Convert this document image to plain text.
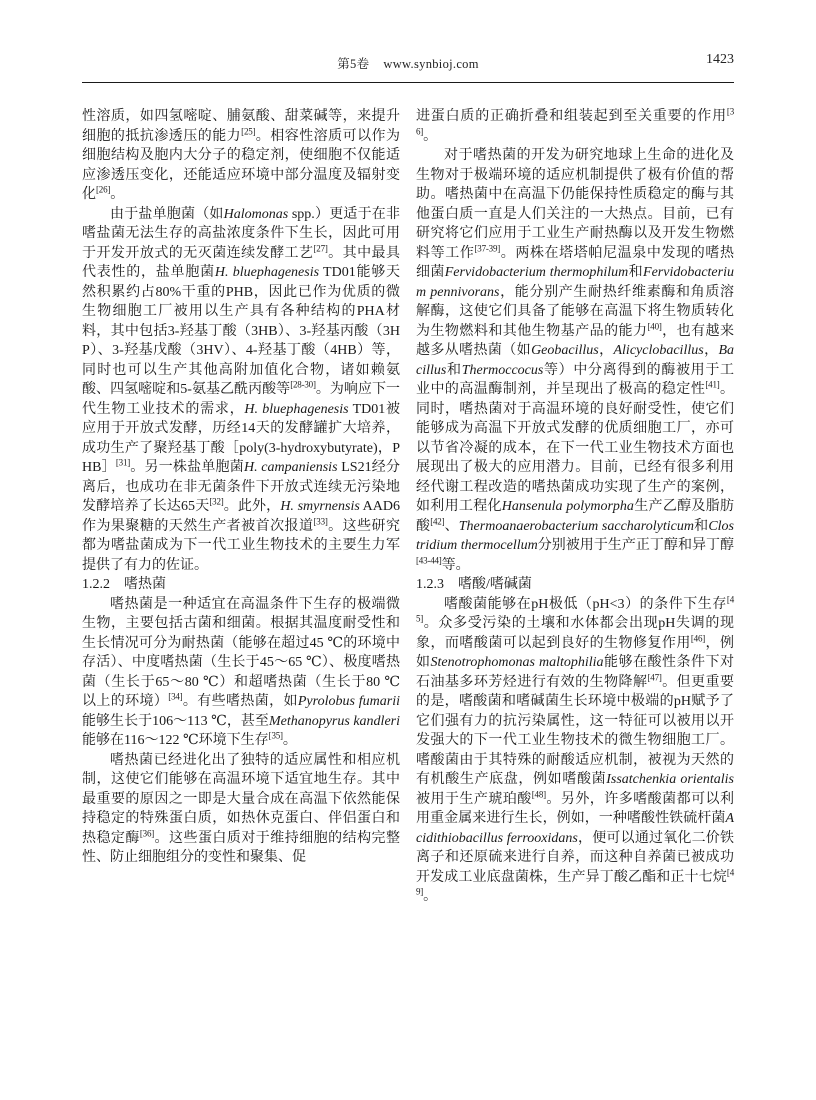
第5卷 www.synbioj.com	1423

性溶质，如四氢嘧啶、脯氨酸、甜菜碱等，来提升细胞的抵抗渗透压的能力[25]。相容性溶质可以作为细胞结构及胞内大分子的稳定剂，使细胞不仅能适应渗透压变化，还能适应环境中部分温度及辐射变化[26]。

由于盐单胞菌（如Halomonas spp.）更适于在非嗜盐菌无法生存的高盐浓度条件下生长，因此可用于开发开放式的无灭菌连续发酵工艺[27]。其中最具代表性的，盐单胞菌H. bluephagenesis TD01能够天然积累约占80%干重的PHB，因此已作为优质的微生物细胞工厂被用以生产具有各种结构的PHA材料，其中包括3-羟基丁酸（3HB）、3-羟基丙酸（3HP）、3-羟基戊酸（3HV）、4-羟基丁酸（4HB）等，同时也可以生产其他高附加值化合物，诸如赖氨酸、四氢嘧啶和5-氨基乙酰丙酸等[28-30]。为响应下一代生物工业技术的需求，H. bluephagenesis TD01被应用于开放式发酵，历经14天的发酵罐扩大培养，成功生产了聚羟基丁酸［poly(3-hydroxybutyrate)，PHB］[31]。另一株盐单胞菌H. campaniensis LS21经分离后，也成功在非无菌条件下开放式连续无污染地发酵培养了长达65天[32]。此外，H. smyrnensis AAD6作为果聚糖的天然生产者被首次报道[33]。这些研究都为嗜盐菌成为下一代工业生物技术的主要生力军提供了有力的佐证。

1.2.2　嗜热菌

嗜热菌是一种适宜在高温条件下生存的极端微生物，主要包括古菌和细菌。根据其温度耐受性和生长情况可分为耐热菌（能够在超过45 ℃的环境中存活）、中度嗜热菌（生长于45～65 ℃）、极度嗜热菌（生长于65～80 ℃）和超嗜热菌（生长于80 ℃以上的环境）[34]。有些嗜热菌，如Pyrolobus fumarii能够生长于106～113 ℃，甚至Methanopyrus kandleri能够在116～122 ℃环境下生存[35]。

嗜热菌已经进化出了独特的适应属性和相应机制，这使它们能够在高温环境下适宜地生存。其中最重要的原因之一即是大量合成在高温下依然能保持稳定的特殊蛋白质，如热休克蛋白、伴侣蛋白和热稳定酶[36]。这些蛋白质对于维持细胞的结构完整性、防止细胞组分的变性和聚集、促

进蛋白质的正确折叠和组装起到至关重要的作用[36]。

对于嗜热菌的开发为研究地球上生命的进化及生物对于极端环境的适应机制提供了极有价值的帮助。嗜热菌中在高温下仍能保持性质稳定的酶与其他蛋白质一直是人们关注的一大热点。目前，已有研究将它们应用于工业生产耐热酶以及开发生物燃料等工作[37-39]。两株在塔塔帕尼温泉中发现的嗜热细菌Fervidobacterium thermophilum和Fervidobacterium pennivorans，能分别产生耐热纤维素酶和角质溶解酶，这使它们具备了能够在高温下将生物质转化为生物燃料和其他生物基产品的能力[40]，也有越来越多从嗜热菌（如Geobacillus，Alicyclobacillus，Bacillus和Thermoccocus等）中分离得到的酶被用于工业中的高温酶制剂，并呈现出了极高的稳定性[41]。同时，嗜热菌对于高温环境的良好耐受性，使它们能够成为高温下开放式发酵的优质细胞工厂，亦可以节省冷凝的成本，在下一代工业生物技术方面也展现出了极大的应用潜力。目前，已经有很多利用经代谢工程改造的嗜热菌成功实现了生产的案例，如利用工程化Hansenula polymorpha生产乙醇及脂肪酸[42]、Thermoanaerobacterium saccharolyticum和Clostridium thermocellum分别被用于生产正丁醇和异丁醇[43-44]等。

1.2.3　嗜酸/嗜碱菌

嗜酸菌能够在pH极低（pH<3）的条件下生存[45]。众多受污染的土壤和水体都会出现pH失调的现象，而嗜酸菌可以起到良好的生物修复作用[46]，例如Stenotrophomonas maltophilia能够在酸性条件下对石油基多环芳烃进行有效的生物降解[47]。但更重要的是，嗜酸菌和嗜碱菌生长环境中极端的pH赋予了它们强有力的抗污染属性，这一特征可以被用以开发强大的下一代工业生物技术的微生物细胞工厂。嗜酸菌由于其特殊的耐酸适应机制，被视为天然的有机酸生产底盘，例如嗜酸菌Issatchenkia orientalis被用于生产琥珀酸[48]。另外，许多嗜酸菌都可以利用重金属来进行生长，例如，一种嗜酸性铁硫杆菌Acidithiobacillus ferrooxidans，便可以通过氧化二价铁离子和还原硫来进行自养，而这种自养菌已被成功开发成工业底盘菌株，生产异丁酸乙酯和正十七烷[49]。
